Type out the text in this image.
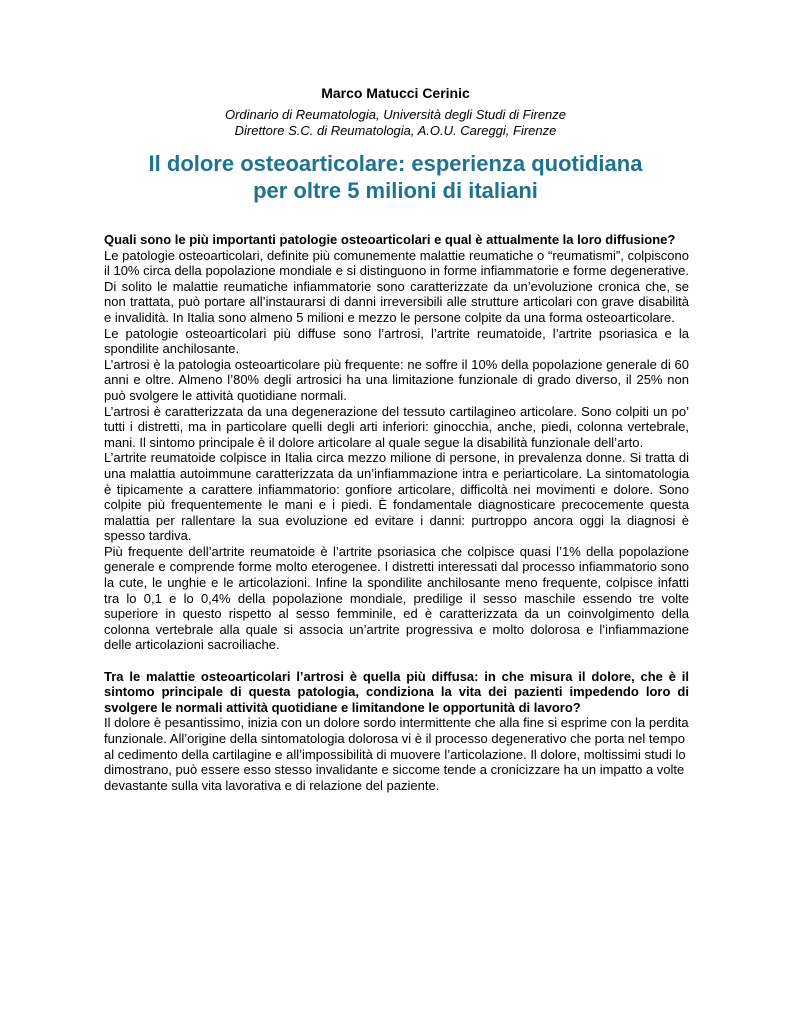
Marco Matucci Cerinic
Ordinario di Reumatologia, Università degli Studi di Firenze
Direttore S.C. di Reumatologia, A.O.U. Careggi, Firenze
Il dolore osteoarticolare: esperienza quotidiana
per oltre 5 milioni di italiani

Quali sono le più importanti patologie osteoarticolari e qual è attualmente la loro diffusione?

Le patologie osteoarticolari, definite più comunemente malattie reumatiche o “reumatismi”, colpiscono il 10% circa della popolazione mondiale e si distinguono in forme infiammatorie e forme degenerative. Di solito le malattie reumatiche infiammatorie sono caratterizzate da un’evoluzione cronica che, se non trattata, può portare all’instaurarsi di danni irreversibili alle strutture articolari con grave disabilità e invalidità. In Italia sono almeno 5 milioni e mezzo le persone colpite da una forma osteoarticolare.

Le patologie osteoarticolari più diffuse sono l’artrosi, l’artrite reumatoide, l’artrite psoriasica e la spondilite anchilosante.

L’artrosi è la patologia osteoarticolare più frequente: ne soffre il 10% della popolazione generale di 60 anni e oltre. Almeno l’80% degli artrosici ha una limitazione funzionale di grado diverso, il 25% non può svolgere le attività quotidiane normali.

L’artrosi è caratterizzata da una degenerazione del tessuto cartilagineo articolare. Sono colpiti un po’ tutti i distretti, ma in particolare quelli degli arti inferiori: ginocchia, anche, piedi, colonna vertebrale, mani. Il sintomo principale è il dolore articolare al quale segue la disabilità funzionale dell’arto.

L’artrite reumatoide colpisce in Italia circa mezzo milione di persone, in prevalenza donne. Si tratta di una malattia autoimmune caratterizzata da un’infiammazione intra e periarticolare. La sintomatologia è tipicamente a carattere infiammatorio: gonfiore articolare, difficoltà nei movimenti e dolore. Sono colpite più frequentemente le mani e i piedi. È fondamentale diagnosticare precocemente questa malattia per rallentare la sua evoluzione ed evitare i danni: purtroppo ancora oggi la diagnosi è spesso tardiva.

Più frequente dell’artrite reumatoide è l’artrite psoriasica che colpisce quasi l’1% della popolazione generale e comprende forme molto eterogenee. I distretti interessati dal processo infiammatorio sono la cute, le unghie e le articolazioni. Infine la spondilite anchilosante meno frequente, colpisce infatti tra lo 0,1 e lo 0,4% della popolazione mondiale, predilige il sesso maschile essendo tre volte superiore in questo rispetto al sesso femminile, ed è caratterizzata da un coinvolgimento della colonna vertebrale alla quale si associa un’artrite progressiva e molto dolorosa e l’infiammazione delle articolazioni sacroiliache.

Tra le malattie osteoarticolari l’artrosi è quella più diffusa: in che misura il dolore, che è il sintomo principale di questa patologia, condiziona la vita dei pazienti impedendo loro di svolgere le normali attività quotidiane e limitandone le opportunità di lavoro?

Il dolore è pesantissimo, inizia con un dolore sordo intermittente che alla fine si esprime con la perdita funzionale. All’origine della sintomatologia dolorosa vi è il processo degenerativo che porta nel tempo al cedimento della cartilagine e all’impossibilità di muovere l’articolazione. Il dolore, moltissimi studi lo dimostrano, può essere esso stesso invalidante e siccome tende a cronicizzare ha un impatto a volte devastante sulla vita lavorativa e di relazione del paziente.
